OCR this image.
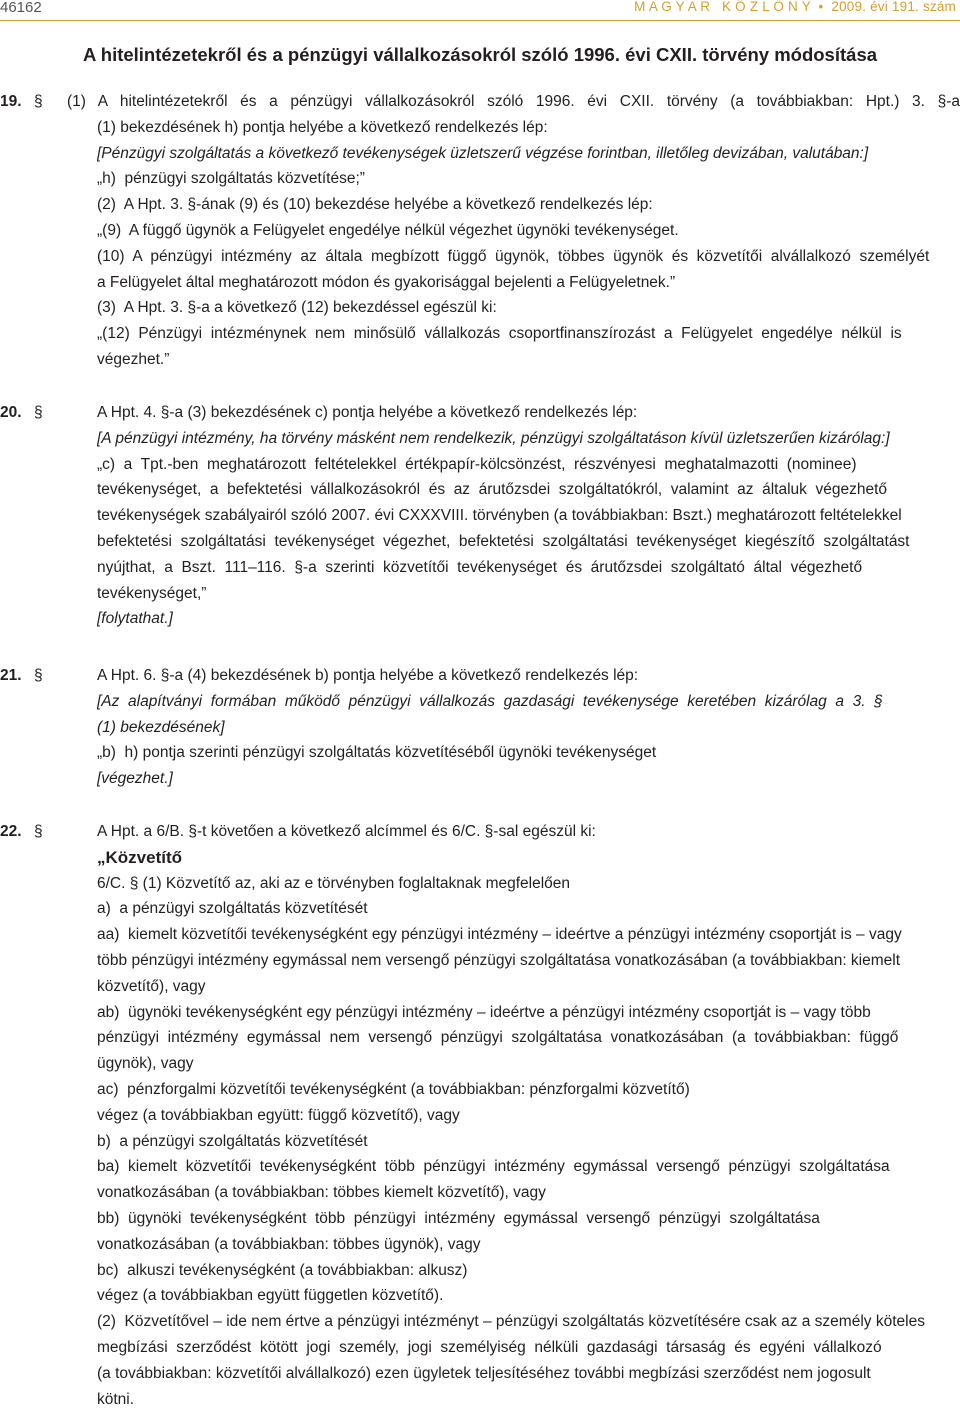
46162	M A G Y A R   K Ö Z L Ö N Y  •  2009. évi 191. szám
A hitelintézetekről és a pénzügyi vállalkozásokról szóló 1996. évi CXII. törvény módosítása
19. § (1)  A  hitelintézetekről  és  a  pénzügyi  vállalkozásokról  szóló  1996.  évi  CXII.  törvény  (a  továbbiakban:  Hpt.)  3.  §-a
(1) bekezdésének h) pontja helyébe a következő rendelkezés lép:
[Pénzügyi szolgáltatás a következő tevékenységek üzletszerű végzése forintban, illetőleg devizában, valutában:]
„h)  pénzügyi szolgáltatás közvetítése;”
(2)  A Hpt. 3. §-ának (9) és (10) bekezdése helyébe a következő rendelkezés lép:
„(9)  A függő ügynök a Felügyelet engedélye nélkül végezhet ügynöki tevékenységet.
(10)  A  pénzügyi  intézmény  az  általa  megbízott  függő  ügynök,  többes  ügynök  és  közvetítői  alvállalkozó  személyét
a Felügyelet által meghatározott módon és gyakorisággal bejelenti a Felügyeletnek.”
(3)  A Hpt. 3. §-a a következő (12) bekezdéssel egészül ki:
„(12)  Pénzügyi  intézménynek  nem  minősülő  vállalkozás  csoportfinanszírozást  a  Felügyelet  engedélye  nélkül  is
végezhet.”
20. §	A Hpt. 4. §-a (3) bekezdésének c) pontja helyébe a következő rendelkezés lép:
[A pénzügyi intézmény, ha törvény másként nem rendelkezik, pénzügyi szolgáltatáson kívül üzletszerűen kizárólag:]
„c)  a  Tpt.-ben  meghatározott  feltételekkel  értékpapír-kölcsönzést,  részvényesi  meghatalmazotti  (nominee)
tevékenységet,  a  befektetési  vállalkozásokról  és  az  árutőzsdei  szolgáltatókról,  valamint  az  általuk  végezhető
tevékenységek szabályairól szóló 2007. évi CXXXVIII. törvényben (a továbbiakban: Bszt.) meghatározott feltételekkel
befektetési  szolgáltatási  tevékenységet  végezhet,  befektetési  szolgáltatási  tevékenységet  kiegészítő  szolgáltatást
nyújthat,  a  Bszt.  111–116.  §-a  szerinti  közvetítői  tevékenységet  és  árutőzsdei  szolgáltató  által  végezhető
tevékenységet,”
[folytathat.]
21. §	A Hpt. 6. §-a (4) bekezdésének b) pontja helyébe a következő rendelkezés lép:
[Az  alapítványi  formában  működő  pénzügyi  vállalkozás  gazdasági  tevékenysége  keretében  kizárólag  a  3.  §
(1) bekezdésének]
„b)  h) pontja szerinti pénzügyi szolgáltatás közvetítéséből ügynöki tevékenységet
[végezhet.]
22. §	A Hpt. a 6/B. §-t követően a következő alcímmel és 6/C. §-sal egészül ki:
„Közvetítő
6/C. § (1) Közvetítő az, aki az e törvényben foglaltaknak megfelelően
a)  a pénzügyi szolgáltatás közvetítését
aa)  kiemelt közvetítői tevékenységként egy pénzügyi intézmény – ideértve a pénzügyi intézmény csoportját is – vagy
több pénzügyi intézmény egymással nem versengő pénzügyi szolgáltatása vonatkozásában (a továbbiakban: kiemelt
közvetítő), vagy
ab)  ügynöki tevékenységként egy pénzügyi intézmény – ideértve a pénzügyi intézmény csoportját is – vagy több
pénzügyi  intézmény  egymással  nem  versengő  pénzügyi  szolgáltatása  vonatkozásában  (a  továbbiakban:  függő
ügynök), vagy
ac)  pénzforgalmi közvetítői tevékenységként (a továbbiakban: pénzforgalmi közvetítő)
végez (a továbbiakban együtt: függő közvetítő), vagy
b)  a pénzügyi szolgáltatás közvetítését
ba)  kiemelt  közvetítői  tevékenységként  több  pénzügyi  intézmény  egymással  versengő  pénzügyi  szolgáltatása
vonatkozásában (a továbbiakban: többes kiemelt közvetítő), vagy
bb)  ügynöki  tevékenységként  több  pénzügyi  intézmény  egymással  versengő  pénzügyi  szolgáltatása
vonatkozásában (a továbbiakban: többes ügynök), vagy
bc)  alkuszi tevékenységként (a továbbiakban: alkusz)
végez (a továbbiakban együtt független közvetítő).
(2)  Közvetítővel – ide nem értve a pénzügyi intézményt – pénzügyi szolgáltatás közvetítésére csak az a személy köteles
megbízási  szerződést  kötött  jogi  személy,  jogi  személyiség  nélküli  gazdasági  társaság  és  egyéni  vállalkozó
(a továbbiakban: közvetítői alvállalkozó) ezen ügyletek teljesítéséhez további megbízási szerződést nem jogosult
kötni.
